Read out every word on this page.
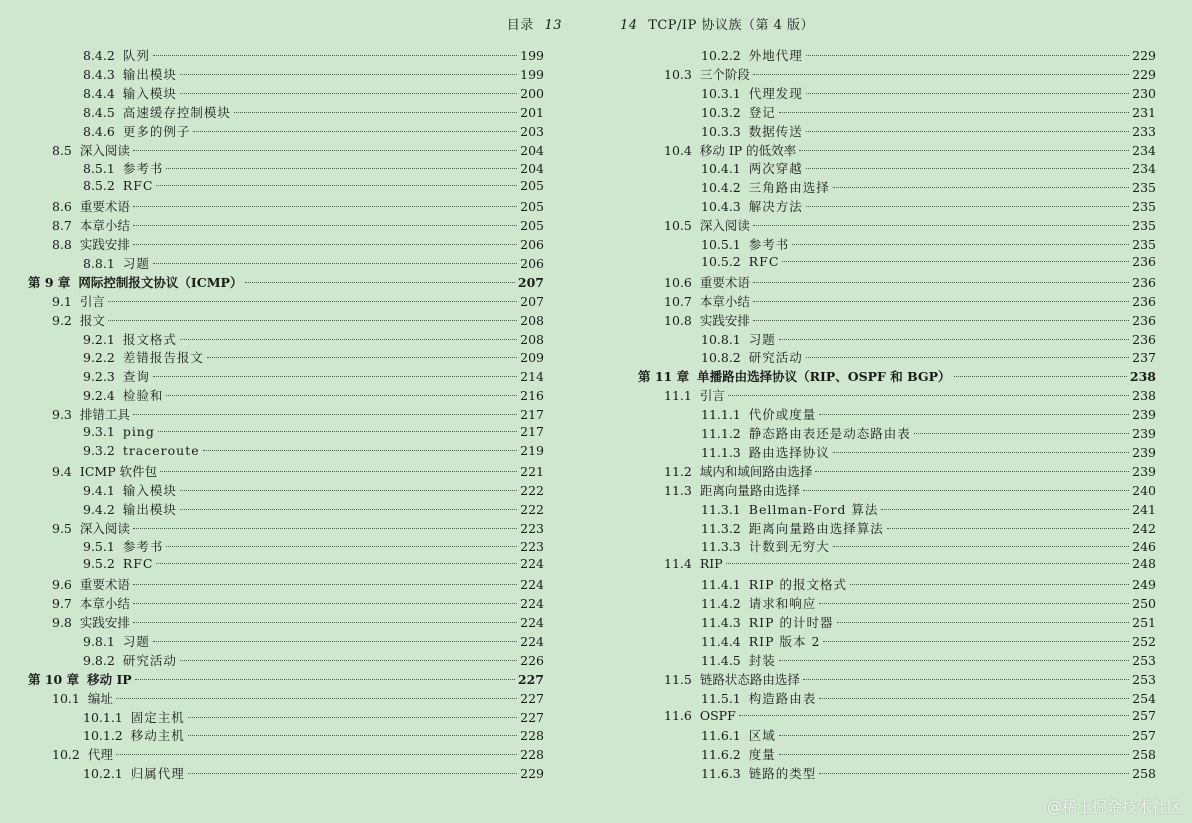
目录 13
8.4.2 队列	199
8.4.3 输出模块	199
8.4.4 输入模块	200
8.4.5 高速缓存控制模块	201
8.4.6 更多的例子	203
8.5 深入阅读	204
8.5.1 参考书	204
8.5.2 RFC	205
8.6 重要术语	205
8.7 本章小结	205
8.8 实践安排	206
8.8.1 习题	206
第 9 章 网际控制报文协议（ICMP）	207
9.1 引言	207
9.2 报文	208
9.2.1 报文格式	208
9.2.2 差错报告报文	209
9.2.3 查询	214
9.2.4 检验和	216
9.3 排错工具	217
9.3.1 ping	217
9.3.2 traceroute	219
9.4 ICMP 软件包	221
9.4.1 输入模块	222
9.4.2 输出模块	222
9.5 深入阅读	223
9.5.1 参考书	223
9.5.2 RFC	224
9.6 重要术语	224
9.7 本章小结	224
9.8 实践安排	224
9.8.1 习题	224
9.8.2 研究活动	226
第 10 章 移动 IP	227
10.1 编址	227
10.1.1 固定主机	227
10.1.2 移动主机	228
10.2 代理	228
10.2.1 归属代理	229
14 TCP/IP 协议族（第 4 版）
10.2.2 外地代理	229
10.3 三个阶段	229
10.3.1 代理发现	230
10.3.2 登记	231
10.3.3 数据传送	233
10.4 移动 IP 的低效率	234
10.4.1 两次穿越	234
10.4.2 三角路由选择	235
10.4.3 解决方法	235
10.5 深入阅读	235
10.5.1 参考书	235
10.5.2 RFC	236
10.6 重要术语	236
10.7 本章小结	236
10.8 实践安排	236
10.8.1 习题	236
10.8.2 研究活动	237
第 11 章 单播路由选择协议（RIP、OSPF 和 BGP）	238
11.1 引言	238
11.1.1 代价或度量	239
11.1.2 静态路由表还是动态路由表	239
11.1.3 路由选择协议	239
11.2 域内和域间路由选择	239
11.3 距离向量路由选择	240
11.3.1 Bellman-Ford 算法	241
11.3.2 距离向量路由选择算法	242
11.3.3 计数到无穷大	246
11.4 RIP	248
11.4.1 RIP 的报文格式	249
11.4.2 请求和响应	250
11.4.3 RIP 的计时器	251
11.4.4 RIP 版本 2	252
11.4.5 封装	253
11.5 链路状态路由选择	253
11.5.1 构造路由表	254
11.6 OSPF	257
11.6.1 区域	257
11.6.2 度量	258
11.6.3 链路的类型	258
@稀土掘金技术社区
